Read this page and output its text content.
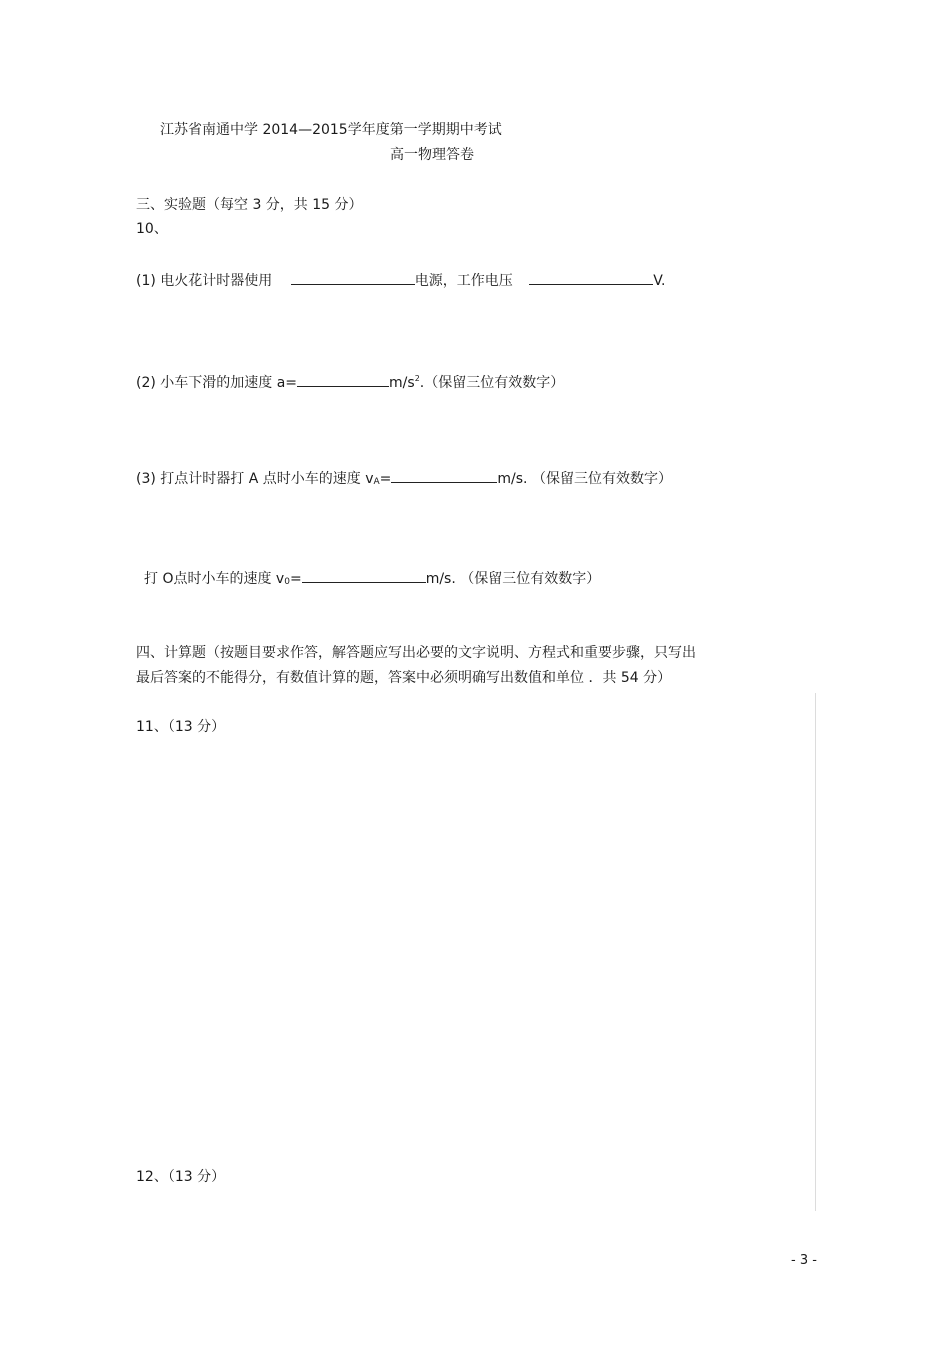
江苏省南通中学 2014—2015学年度第一学期期中考试
高一物理答卷
三、实验题（每空 3 分，共 15 分）
10、
(1) 电火花计时器使用	电源，工作电压	V.
(2) 小车下滑的加速度 a=	$m/s^2$.（保留三位有效数字）
(3) 打点计时器打 A 点时小车的速度 $v_A=$	m/s. （保留三位有效数字）
打 O点时小车的速度 $v_0=$	m/s. （保留三位有效数字）
四、计算题（按题目要求作答，解答题应写出必要的文字说明、方程式和重要步骤，只写出
最后答案的不能得分，有数值计算的题，答案中必须明确写出数值和单位 ．共 54 分）
11、（13 分）
12、（13 分）
- 3 -
